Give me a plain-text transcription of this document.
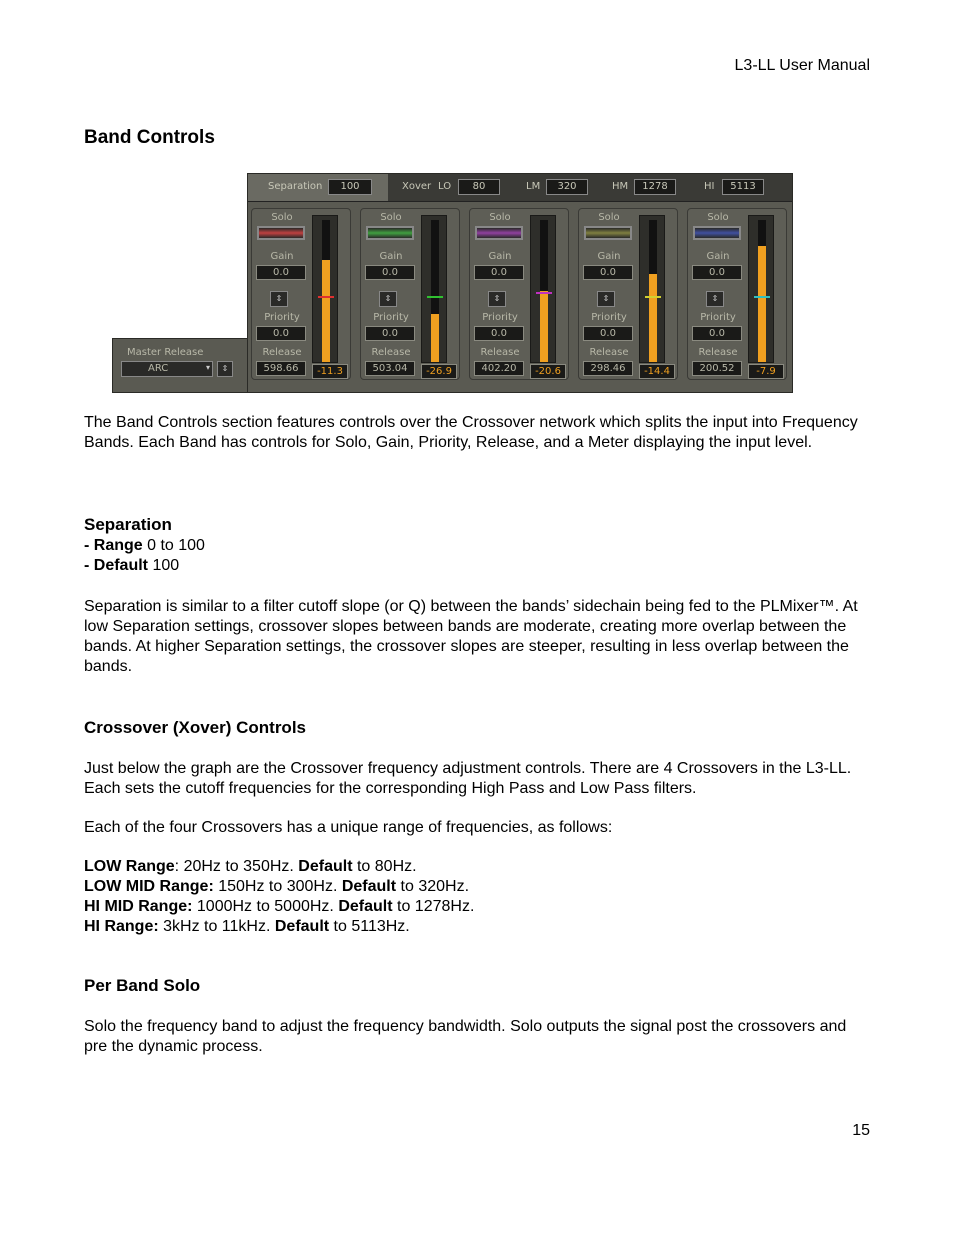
L3-LL User Manual
Band Controls
Master Release
ARC	▾	⇕
Separation	100	Xover LO	80	LM	320	HM	1278	HI	5113
Solo
Gain
0.0
⇕
Priority
0.0
Release
598.66	-11.3
Solo
Gain
0.0
⇕
Priority
0.0
Release
503.04	-26.9
Solo
Gain
0.0
⇕
Priority
0.0
Release
402.20	-20.6
Solo
Gain
0.0
⇕
Priority
0.0
Release
298.46	-14.4
Solo
Gain
0.0
⇕
Priority
0.0
Release
200.52	-7.9

The Band Controls section features controls over the Crossover network which splits the input into Frequency Bands. Each Band has controls for Solo, Gain, Priority, Release, and a Meter displaying the input level.

Separation
- Range 0 to 100
- Default 100

Separation is similar to a filter cutoff slope (or Q) between the bands’ sidechain being fed to the PLMixer™. At low Separation settings, crossover slopes between bands are moderate, creating more overlap between the bands. At higher Separation settings, the crossover slopes are steeper, resulting in less overlap between the bands.

Crossover (Xover) Controls

Just below the graph are the Crossover frequency adjustment controls. There are 4 Crossovers in the L3-LL. Each sets the cutoff frequencies for the corresponding High Pass and Low Pass filters.

Each of the four Crossovers has a unique range of frequencies, as follows:

LOW Range: 20Hz to 350Hz. Default to 80Hz.
LOW MID Range: 150Hz to 300Hz. Default to 320Hz.
HI MID Range: 1000Hz to 5000Hz. Default to 1278Hz.
HI Range: 3kHz to 11kHz. Default to 5113Hz.
Per Band Solo

Solo the frequency band to adjust the frequency bandwidth. Solo outputs the signal post the crossovers and pre the dynamic process.

15
